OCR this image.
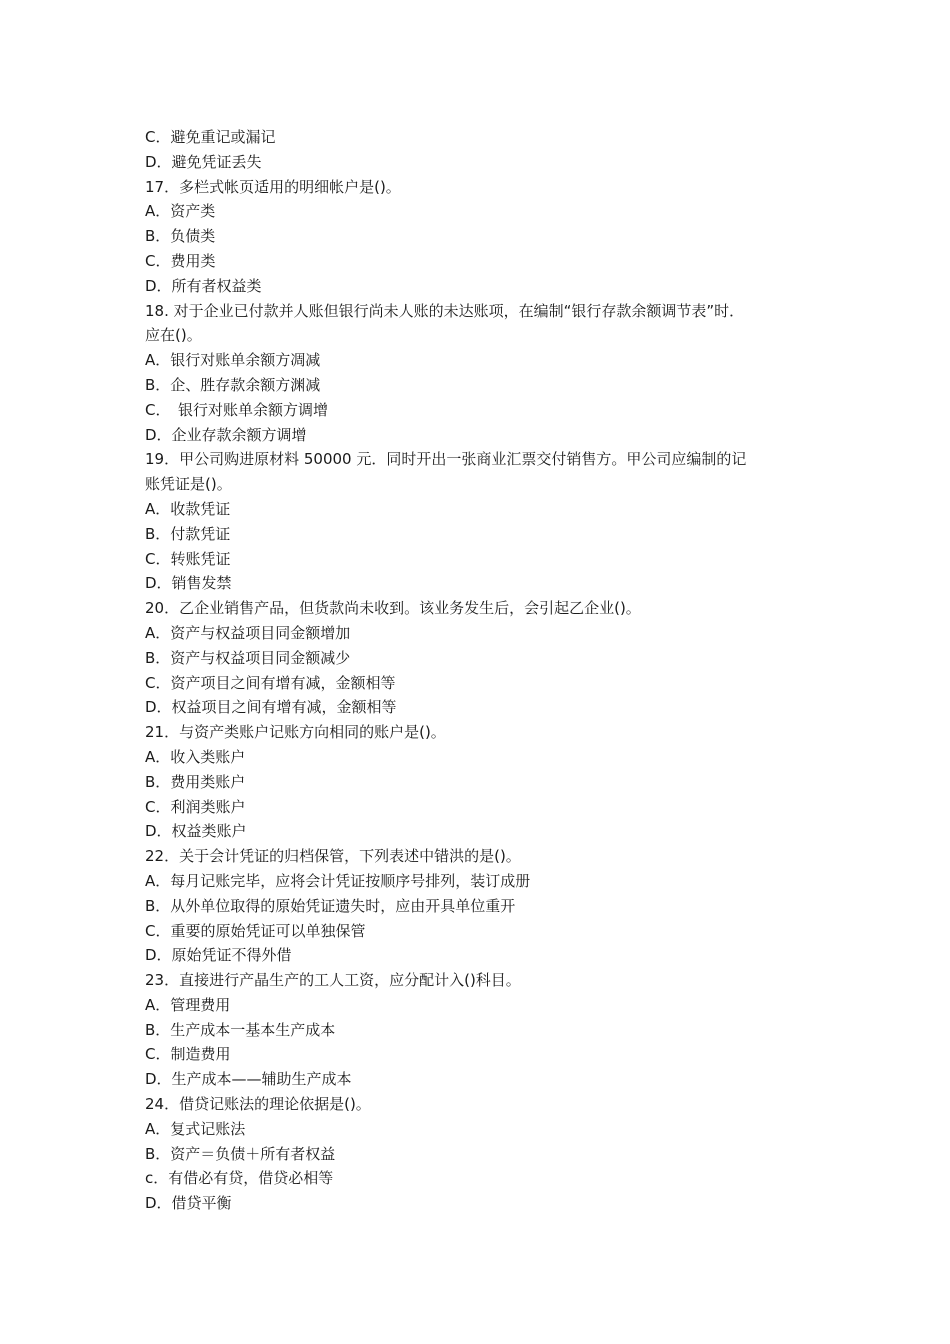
C．避免重记或漏记
D．避免凭证丢失
17．多栏式帐页适用的明细帐户是()。
A．资产类
B．负债类
C．费用类
D．所有者权益类
18. 对于企业已付款并人账但银行尚未人账的未达账项，在编制“银行存款余额调节表”时．
应在()。
A．银行对账单余额方凋减
B．企、胜存款余额方渊减
C．　银行对账单余额方调增
D．企业存款余额方调增
19．甲公司购进原材料 50000 元．同时开出一张商业汇票交付销售方。甲公司应编制的记
账凭证是()。
A．收款凭证
B．付款凭证
C．转账凭证
D．销售发禁
20．乙企业销售产品，但货款尚未收到。该业务发生后，会引起乙企业()。
A．资产与权益项目同金额增加
B．资产与权益项目同金额减少
C．资产项目之间有增有减，金额相等
D．权益项目之间有增有减，金额相等
21．与资产类账户记账方向相同的账户是()。
A．收入类账户
B．费用类账户
C．利润类账户
D．权益类账户
22．关于会计凭证的归档保管，下列表述中错洪的是()。
A．每月记账完毕，应将会计凭证按顺序号排列，装订成册
B．从外单位取得的原始凭证遗失时，应由开具单位重开
C．重要的原始凭证可以单独保管
D．原始凭证不得外借
23．直接进行产晶生产的工人工资，应分配计入()科目。
A．管理费用
B．生产成本一基本生产成本
C．制造费用
D．生产成本——辅助生产成本
24．借贷记账法的理论依据是()。
A．复式记账法
B．资产＝负债＋所有者权益
c．有借必有贷，借贷必相等
D．借贷平衡
